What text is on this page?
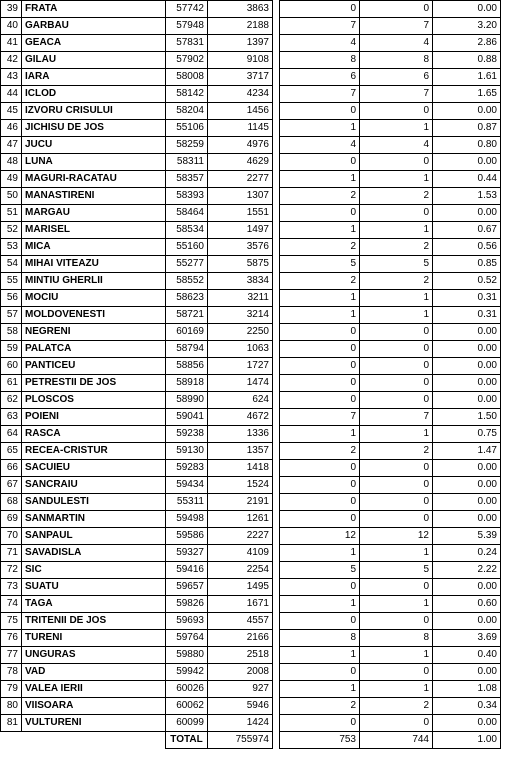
39	FRATA	57742	3863		0	0	0.00
40	GARBAU	57948	2188		7	7	3.20
41	GEACA	57831	1397		4	4	2.86
42	GILAU	57902	9108		8	8	0.88
43	IARA	58008	3717		6	6	1.61
44	ICLOD	58142	4234		7	7	1.65
45	IZVORU CRISULUI	58204	1456		0	0	0.00
46	JICHISU DE JOS	55106	1145		1	1	0.87
47	JUCU	58259	4976		4	4	0.80
48	LUNA	58311	4629		0	0	0.00
49	MAGURI-RACATAU	58357	2277		1	1	0.44
50	MANASTIRENI	58393	1307		2	2	1.53
51	MARGAU	58464	1551		0	0	0.00
52	MARISEL	58534	1497		1	1	0.67
53	MICA	55160	3576		2	2	0.56
54	MIHAI VITEAZU	55277	5875		5	5	0.85
55	MINTIU GHERLII	58552	3834		2	2	0.52
56	MOCIU	58623	3211		1	1	0.31
57	MOLDOVENESTI	58721	3214		1	1	0.31
58	NEGRENI	60169	2250		0	0	0.00
59	PALATCA	58794	1063		0	0	0.00
60	PANTICEU	58856	1727		0	0	0.00
61	PETRESTII DE JOS	58918	1474		0	0	0.00
62	PLOSCOS	58990	624		0	0	0.00
63	POIENI	59041	4672		7	7	1.50
64	RASCA	59238	1336		1	1	0.75
65	RECEA-CRISTUR	59130	1357		2	2	1.47
66	SACUIEU	59283	1418		0	0	0.00
67	SANCRAIU	59434	1524		0	0	0.00
68	SANDULESTI	55311	2191		0	0	0.00
69	SANMARTIN	59498	1261		0	0	0.00
70	SANPAUL	59586	2227		12	12	5.39
71	SAVADISLA	59327	4109		1	1	0.24
72	SIC	59416	2254		5	5	2.22
73	SUATU	59657	1495		0	0	0.00
74	TAGA	59826	1671		1	1	0.60
75	TRITENII DE JOS	59693	4557		0	0	0.00
76	TURENI	59764	2166		8	8	3.69
77	UNGURAS	59880	2518		1	1	0.40
78	VAD	59942	2008		0	0	0.00
79	VALEA IERII	60026	927		1	1	1.08
80	VIISOARA	60062	5946		2	2	0.34
81	VULTURENI	60099	1424		0	0	0.00
		TOTAL	755974		753	744	1.00
